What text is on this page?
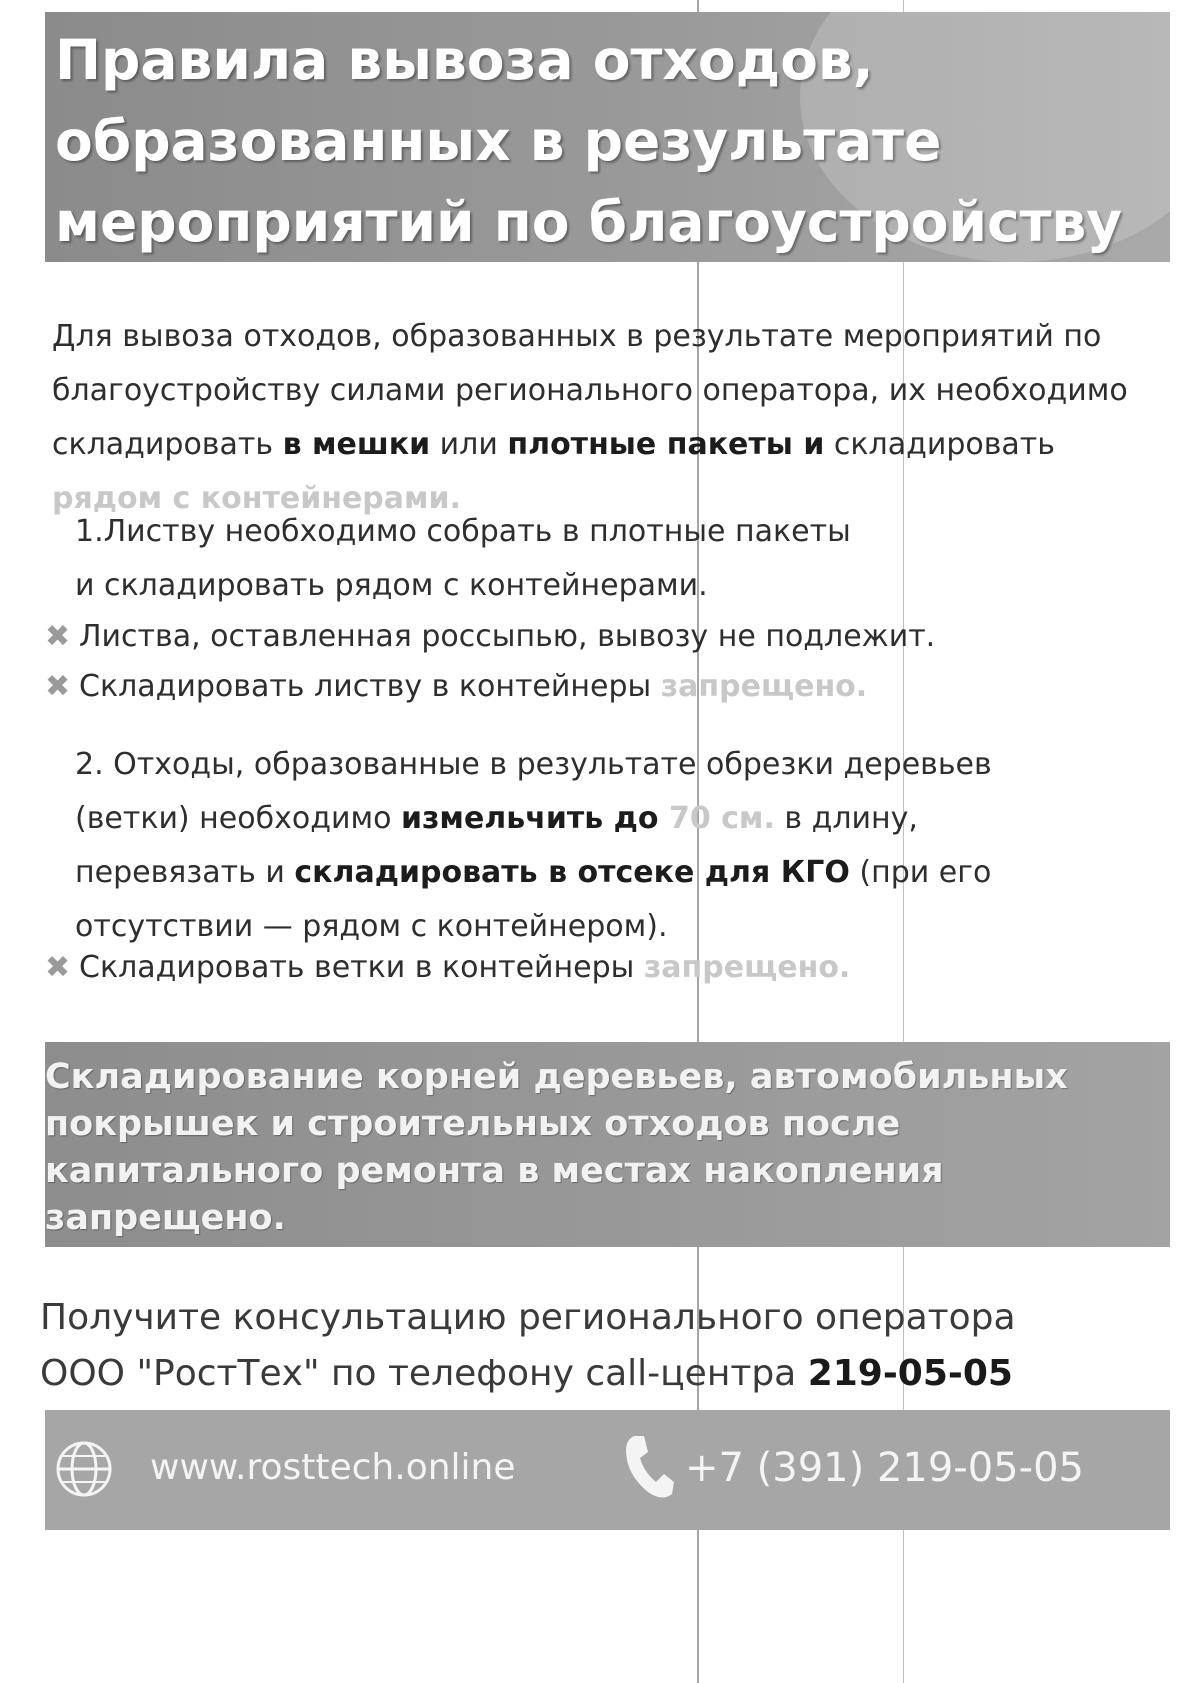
Правила вывоза отходов,
образованных в результате
мероприятий по благоустройству

Для вывоза отходов, образованных в результате мероприятий по благоустройству силами регионального оператора, их необходимо складировать в мешки или плотные пакеты и складировать рядом с контейнерами.

1.Листву необходимо собрать в плотные пакеты и складировать рядом с контейнерами.

✖ Листва, оставленная россыпью, вывозу не подлежит.

✖ Складировать листву в контейнеры запрещено.

2. Отходы, образованные в результате обрезки деревьев (ветки) необходимо измельчить до 70 см. в длину, перевязать и складировать в отсеке для КГО (при его отсутствии — рядом с контейнером).

✖ Складировать ветки в контейнеры запрещено.

Складирование корней деревьев, автомобильных
покрышек и строительных отходов после
капитального ремонта в местах накопления
запрещено.

Получите консультацию регионального оператора
ООО "РостТех" по телефону call-центра 219-05-05

www.rosttech.online	+7 (391) 219-05-05
